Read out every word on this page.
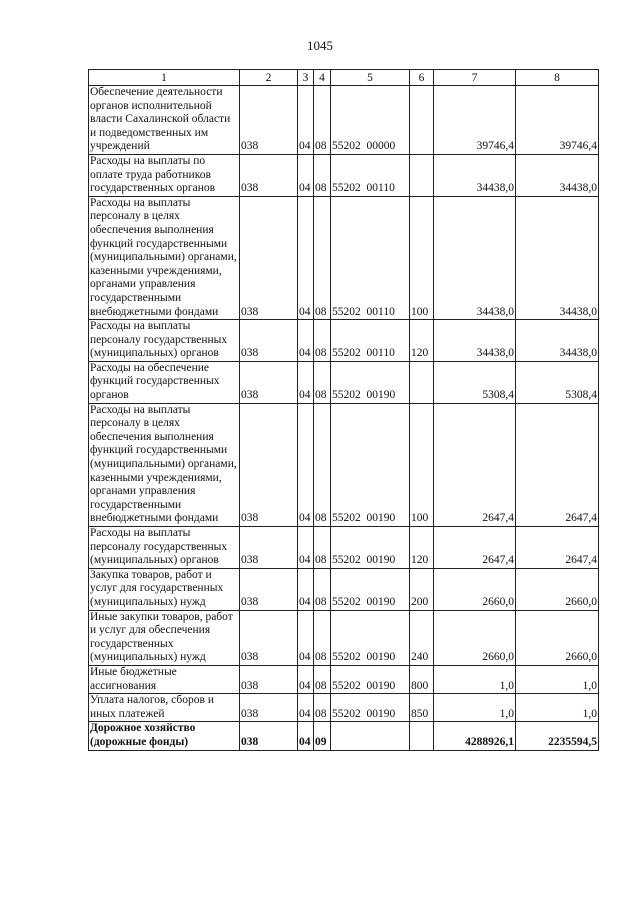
1045
1	2	3	4	5	6	7	8
Обеспечение деятельности органов исполнительной власти Сахалинской области и подведомственных им учреждений	038	04	08	55202  00000		39746,4	39746,4
Расходы на выплаты по оплате труда работников государственных органов	038	04	08	55202  00110		34438,0	34438,0
Расходы на выплаты персоналу в целях обеспечения выполнения функций государственными (муниципальными) органами, казенными учреждениями, органами управления государственными внебюджетными фондами	038	04	08	55202  00110	100	34438,0	34438,0
Расходы на выплаты персоналу государственных (муниципальных) органов	038	04	08	55202  00110	120	34438,0	34438,0
Расходы на обеспечение функций государственных органов	038	04	08	55202  00190		5308,4	5308,4
Расходы на выплаты персоналу в целях обеспечения выполнения функций государственными (муниципальными) органами, казенными учреждениями, органами управления государственными внебюджетными фондами	038	04	08	55202  00190	100	2647,4	2647,4
Расходы на выплаты персоналу государственных (муниципальных) органов	038	04	08	55202  00190	120	2647,4	2647,4
Закупка товаров, работ и услуг для государственных (муниципальных) нужд	038	04	08	55202  00190	200	2660,0	2660,0
Иные закупки товаров, работ и услуг для обеспечения государственных (муниципальных) нужд	038	04	08	55202  00190	240	2660,0	2660,0
Иные бюджетные ассигнования	038	04	08	55202  00190	800	1,0	1,0
Уплата налогов, сборов и иных платежей	038	04	08	55202  00190	850	1,0	1,0
Дорожное хозяйство (дорожные фонды)	038	04	09			4288926,1	2235594,5
